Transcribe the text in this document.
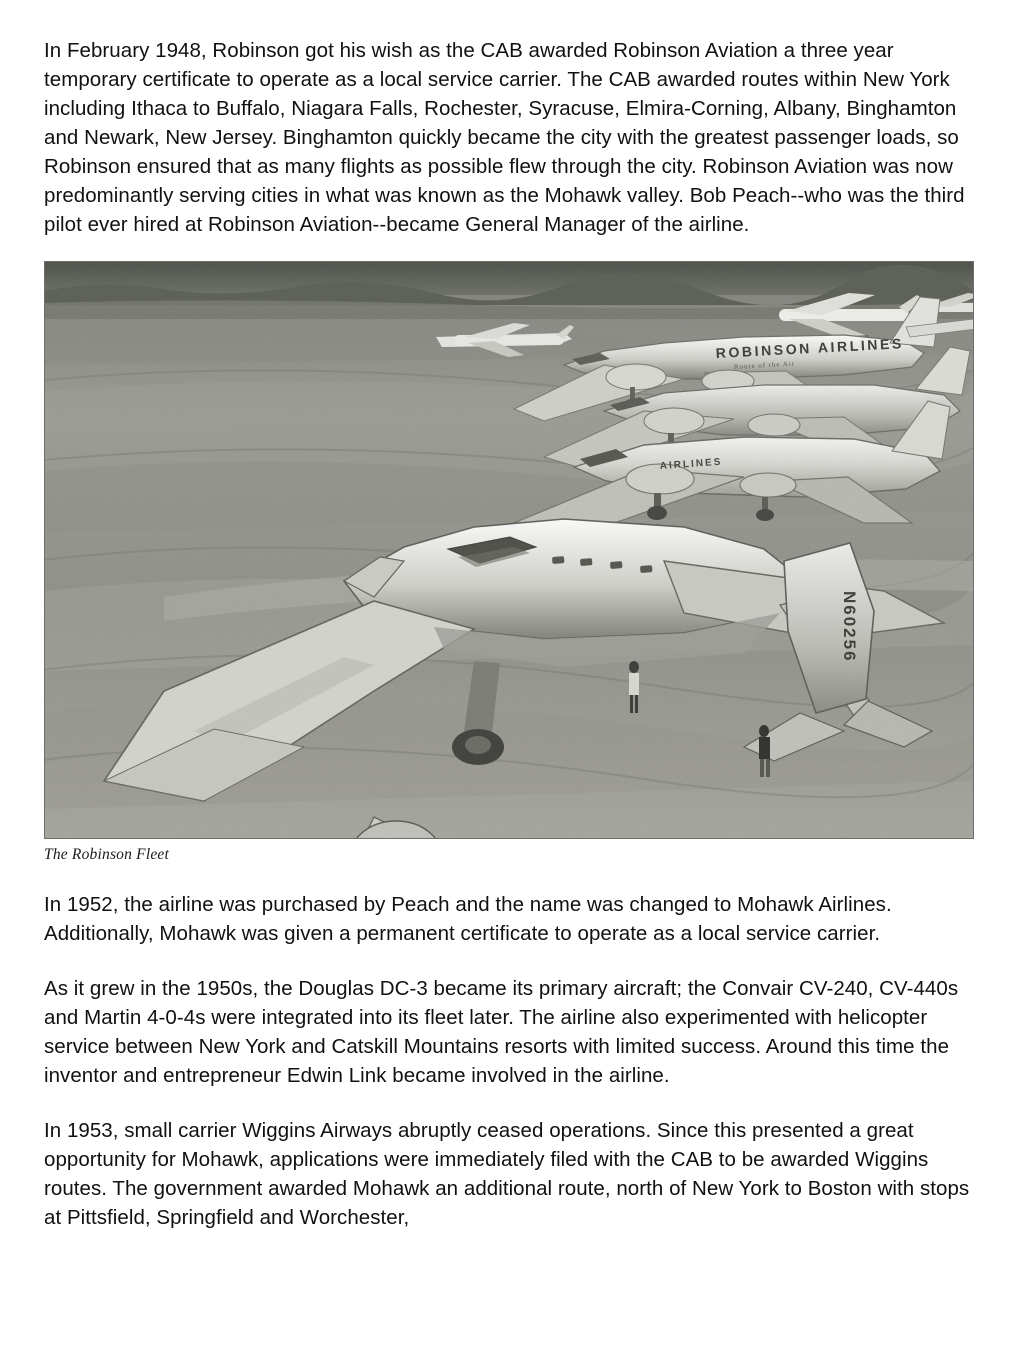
In February 1948, Robinson got his wish as the CAB awarded Robinson Aviation a three year temporary certificate to operate as a local service carrier. The CAB awarded routes within New York including Ithaca to Buffalo, Niagara Falls, Rochester, Syracuse, Elmira-Corning, Albany, Binghamton and Newark, New Jersey. Binghamton quickly became the city with the greatest passenger loads, so Robinson ensured that as many flights as possible flew through the city. Robinson Aviation was now predominantly serving cities in what was known as the Mohawk valley. Bob Peach--who was the third pilot ever hired at Robinson Aviation--became General Manager of the airline.

The Robinson Fleet

In 1952, the airline was purchased by Peach and the name was changed to Mohawk Airlines. Additionally, Mohawk was given a permanent certificate to operate as a local service carrier.

As it grew in the 1950s, the Douglas DC-3 became its primary aircraft; the Convair CV-240, CV-440s and Martin 4-0-4s were integrated into its fleet later. The airline also experimented with helicopter service between New York and Catskill Mountains resorts with limited success. Around this time the inventor and entrepreneur Edwin Link became involved in the airline.

In 1953, small carrier Wiggins Airways abruptly ceased operations. Since this presented a great opportunity for Mohawk, applications were immediately filed with the CAB to be awarded Wiggins routes. The government awarded Mohawk an additional route, north of New York to Boston with stops at Pittsfield, Springfield and Worchester,
